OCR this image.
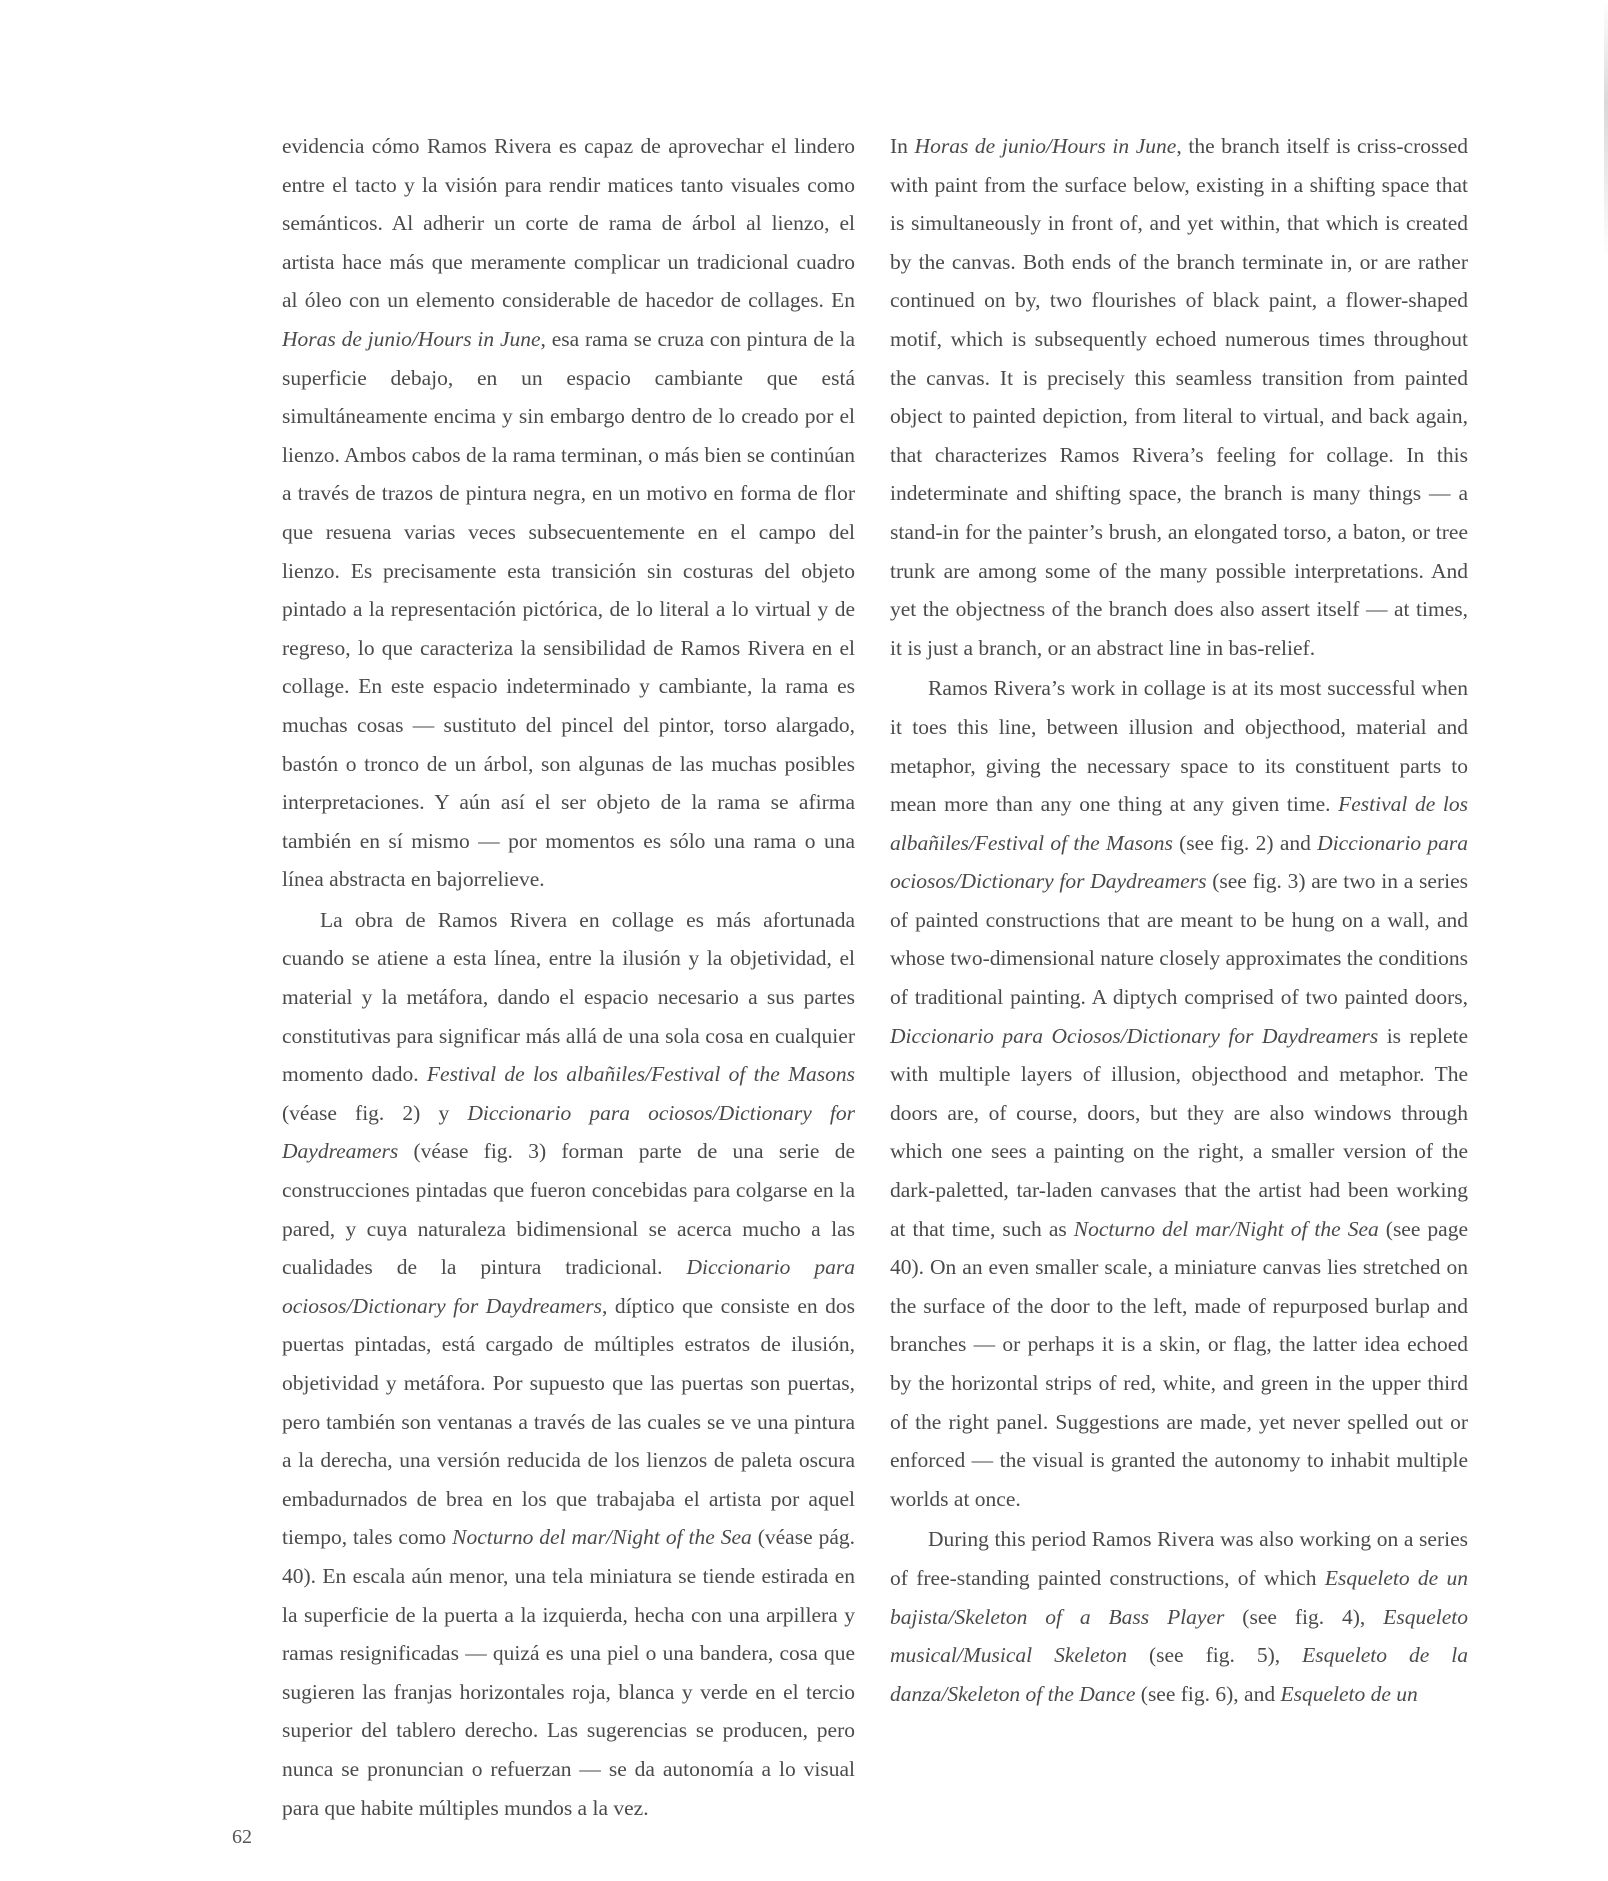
evidencia cómo Ramos Rivera es capaz de aprovechar el lindero entre el tacto y la visión para rendir matices tanto visuales como semánticos. Al adherir un corte de rama de árbol al lienzo, el artista hace más que meramente complicar un tradicional cuadro al óleo con un elemento considerable de hacedor de collages. En Horas de junio/Hours in June, esa rama se cruza con pintura de la superficie debajo, en un espacio cambiante que está simultáneamente encima y sin embargo dentro de lo creado por el lienzo. Ambos cabos de la rama terminan, o más bien se continúan a través de trazos de pintura negra, en un motivo en forma de flor que resuena varias veces subsecuentemente en el campo del lienzo. Es precisamente esta transición sin costuras del objeto pintado a la representación pictórica, de lo literal a lo virtual y de regreso, lo que caracteriza la sensibilidad de Ramos Rivera en el collage. En este espacio indeterminado y cambiante, la rama es muchas cosas — sustituto del pincel del pintor, torso alargado, bastón o tronco de un árbol, son algunas de las muchas posibles interpretaciones. Y aún así el ser objeto de la rama se afirma también en sí mismo — por momentos es sólo una rama o una línea abstracta en bajorrelieve.

La obra de Ramos Rivera en collage es más afortunada cuando se atiene a esta línea, entre la ilusión y la objetividad, el material y la metáfora, dando el espacio necesario a sus partes constitutivas para significar más allá de una sola cosa en cualquier momento dado. Festival de los albañiles/Festival of the Masons (véase fig. 2) y Diccionario para ociosos/Dictionary for Daydreamers (véase fig. 3) forman parte de una serie de construcciones pintadas que fueron concebidas para colgarse en la pared, y cuya naturaleza bidimensional se acerca mucho a las cualidades de la pintura tradicional. Diccionario para ociosos/Dictionary for Daydreamers, díptico que consiste en dos puertas pintadas, está cargado de múltiples estratos de ilusión, objetividad y metáfora. Por supuesto que las puertas son puertas, pero también son ventanas a través de las cuales se ve una pintura a la derecha, una versión reducida de los lienzos de paleta oscura embadurnados de brea en los que trabajaba el artista por aquel tiempo, tales como Nocturno del mar/Night of the Sea (véase pág. 40). En escala aún menor, una tela miniatura se tiende estirada en la superficie de la puerta a la izquierda, hecha con una arpillera y ramas resignificadas — quizá es una piel o una bandera, cosa que sugieren las franjas horizontales roja, blanca y verde en el tercio superior del tablero derecho. Las sugerencias se producen, pero nunca se pronuncian o refuerzan — se da autonomía a lo visual para que habite múltiples mundos a la vez.

In Horas de junio/Hours in June, the branch itself is criss-crossed with paint from the surface below, existing in a shifting space that is simultaneously in front of, and yet within, that which is created by the canvas. Both ends of the branch terminate in, or are rather continued on by, two flourishes of black paint, a flower-shaped motif, which is subsequently echoed numerous times throughout the canvas. It is precisely this seamless transition from painted object to painted depiction, from literal to virtual, and back again, that characterizes Ramos Rivera’s feeling for collage. In this indeterminate and shifting space, the branch is many things — a stand-in for the painter’s brush, an elongated torso, a baton, or tree trunk are among some of the many possible interpretations. And yet the objectness of the branch does also assert itself — at times, it is just a branch, or an abstract line in bas-relief.

Ramos Rivera’s work in collage is at its most successful when it toes this line, between illusion and objecthood, material and metaphor, giving the necessary space to its constituent parts to mean more than any one thing at any given time. Festival de los albañiles/Festival of the Masons (see fig. 2) and Diccionario para ociosos/Dictionary for Daydreamers (see fig. 3) are two in a series of painted constructions that are meant to be hung on a wall, and whose two-dimensional nature closely approximates the conditions of traditional painting. A diptych comprised of two painted doors, Diccionario para Ociosos/Dictionary for Daydreamers is replete with multiple layers of illusion, objecthood and metaphor. The doors are, of course, doors, but they are also windows through which one sees a painting on the right, a smaller version of the dark-paletted, tar-laden canvases that the artist had been working at that time, such as Nocturno del mar/Night of the Sea (see page 40). On an even smaller scale, a miniature canvas lies stretched on the surface of the door to the left, made of repurposed burlap and branches — or perhaps it is a skin, or flag, the latter idea echoed by the horizontal strips of red, white, and green in the upper third of the right panel. Suggestions are made, yet never spelled out or enforced — the visual is granted the autonomy to inhabit multiple worlds at once.

During this period Ramos Rivera was also working on a series of free-standing painted constructions, of which Esqueleto de un bajista/Skeleton of a Bass Player (see fig. 4), Esqueleto musical/Musical Skeleton (see fig. 5), Esqueleto de la danza/Skeleton of the Dance (see fig. 6), and Esqueleto de un

62
